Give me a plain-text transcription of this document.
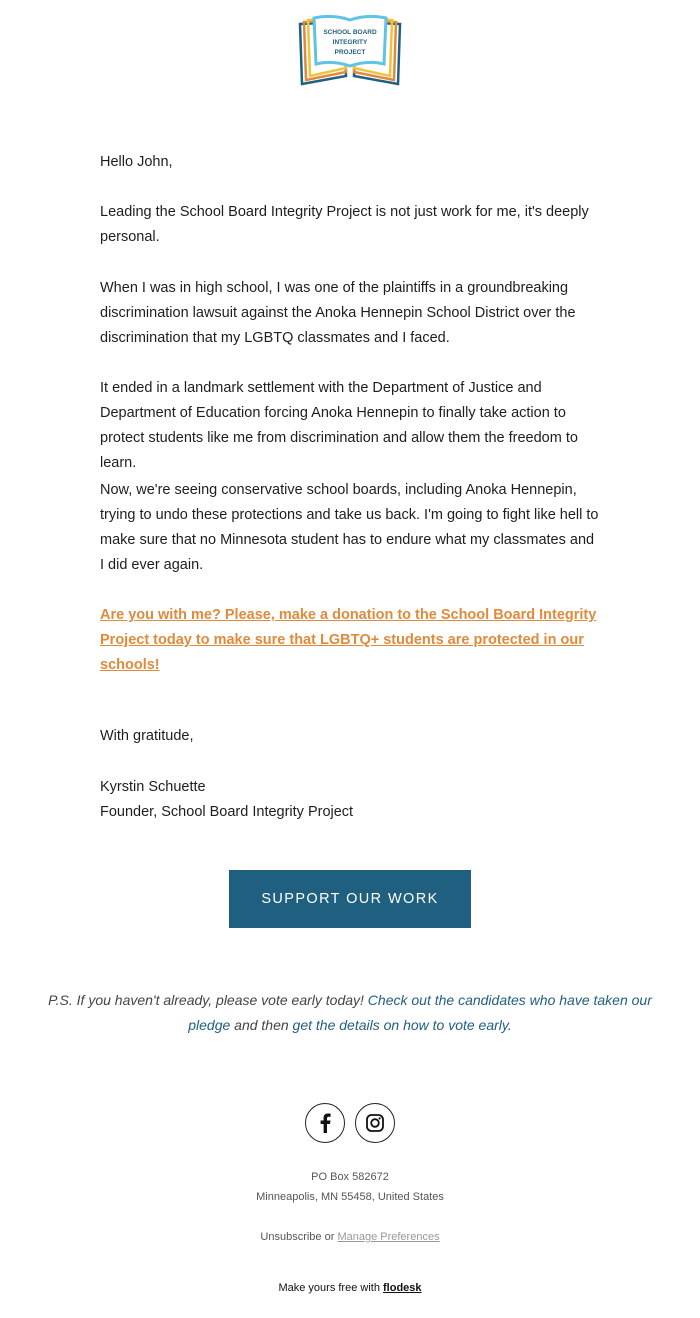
SCHOOL BOARD
INTEGRITY
PROJECT

Hello John,

Leading the School Board Integrity Project is not just work for me, it's deeply personal.

When I was in high school, I was one of the plaintiffs in a groundbreaking discrimination lawsuit against the Anoka Hennepin School District over the discrimination that my LGBTQ classmates and I faced.

It ended in a landmark settlement with the Department of Justice and Department of Education forcing Anoka Hennepin to finally take action to protect students like me from discrimination and allow them the freedom to learn.

Now, we're seeing conservative school boards, including Anoka Hennepin, trying to undo these protections and take us back. I'm going to fight like hell to make sure that no Minnesota student has to endure what my classmates and I did ever again.

Are you with me? Please, make a donation to the School Board Integrity Project today to make sure that LGBTQ+ students are protected in our schools!
With gratitude,
Kyrstin Schuette
Founder, School Board Integrity Project
SUPPORT OUR WORK
P.S. If you haven't already, please vote early today! Check out the candidates who have taken our pledge and then get the details on how to vote early.
PO Box 582672
Minneapolis, MN 55458, United States
Unsubscribe or Manage Preferences
Make yours free with flodesk
